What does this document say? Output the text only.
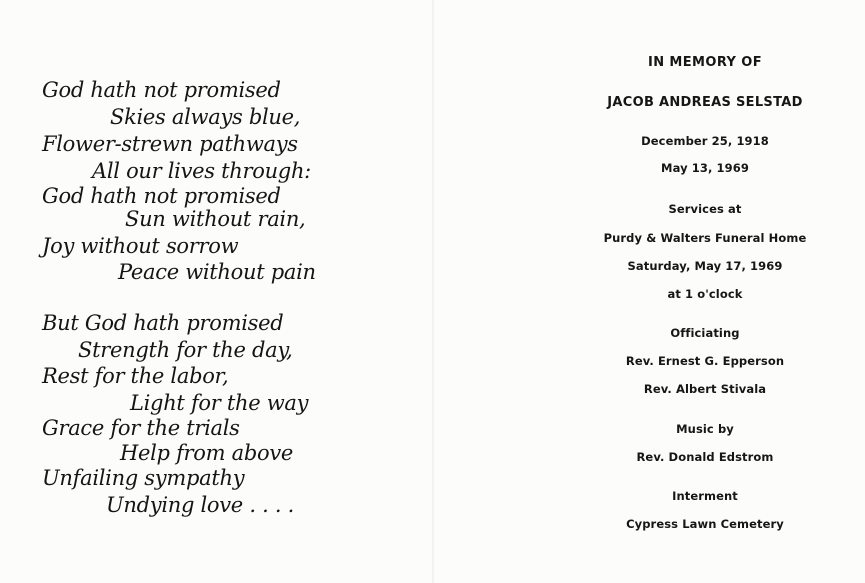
God hath not promised
Skies always blue,
Flower-strewn pathways
All our lives through:
God hath not promised
Sun without rain,
Joy without sorrow
Peace without pain
But God hath promised
Strength for the day,
Rest for the labor,
Light for the way
Grace for the trials
Help from above
Unfailing sympathy
Undying love . . . .
IN MEMORY OF
JACOB ANDREAS SELSTAD
December 25, 1918
May 13, 1969
Services at
Purdy & Walters Funeral Home
Saturday, May 17, 1969
at 1 o'clock
Officiating
Rev. Ernest G. Epperson
Rev. Albert Stivala
Music by
Rev. Donald Edstrom
Interment
Cypress Lawn Cemetery
